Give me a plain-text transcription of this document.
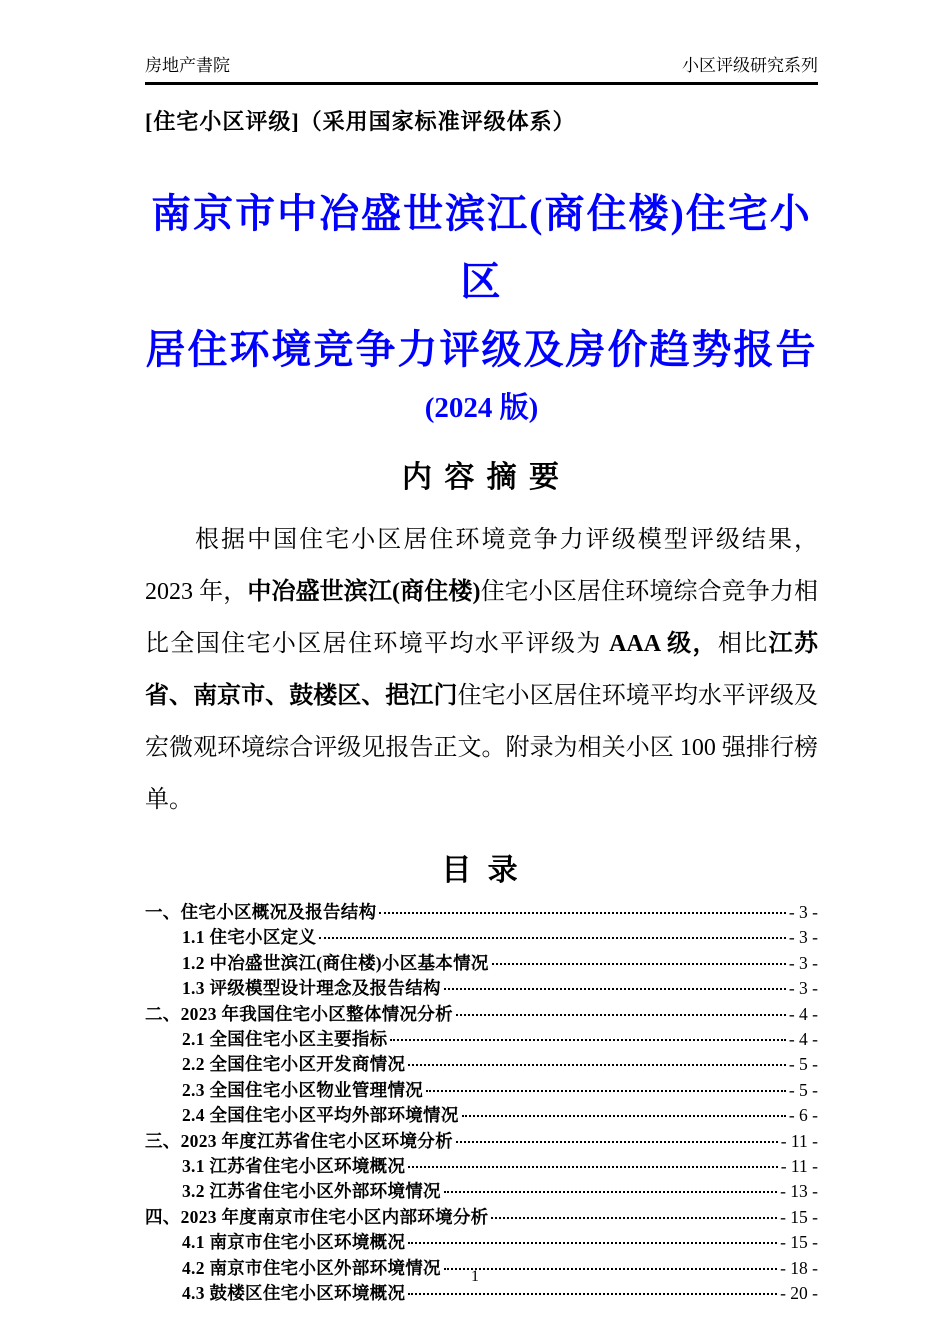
房地产書院	小区评级研究系列
[住宅小区评级]（采用国家标准评级体系）
南京市中冶盛世滨江(商住楼)住宅小区
居住环境竞争力评级及房价趋势报告
(2024 版)
内 容 摘 要
根据中国住宅小区居住环境竞争力评级模型评级结果，2023 年，中冶盛世滨江(商住楼)住宅小区居住环境综合竞争力相比全国住宅小区居住环境平均水平评级为 AAA 级，相比江苏省、南京市、鼓楼区、挹江门住宅小区居住环境平均水平评级及宏微观环境综合评级见报告正文。附录为相关小区 100 强排行榜单。
目 录
一、住宅小区概况及报告结构	- 3 -
1.1 住宅小区定义	- 3 -
1.2 中冶盛世滨江(商住楼)小区基本情况	- 3 -
1.3 评级模型设计理念及报告结构	- 3 -
二、2023 年我国住宅小区整体情况分析	- 4 -
2.1 全国住宅小区主要指标	- 4 -
2.2 全国住宅小区开发商情况	- 5 -
2.3 全国住宅小区物业管理情况	- 5 -
2.4 全国住宅小区平均外部环境情况	- 6 -
三、2023 年度江苏省住宅小区环境分析	- 11 -
3.1 江苏省住宅小区环境概况	- 11 -
3.2 江苏省住宅小区外部环境情况	- 13 -
四、2023 年度南京市住宅小区内部环境分析	- 15 -
4.1 南京市住宅小区环境概况	- 15 -
4.2 南京市住宅小区外部环境情况	- 18 -
4.3 鼓楼区住宅小区环境概况	- 20 -
1
